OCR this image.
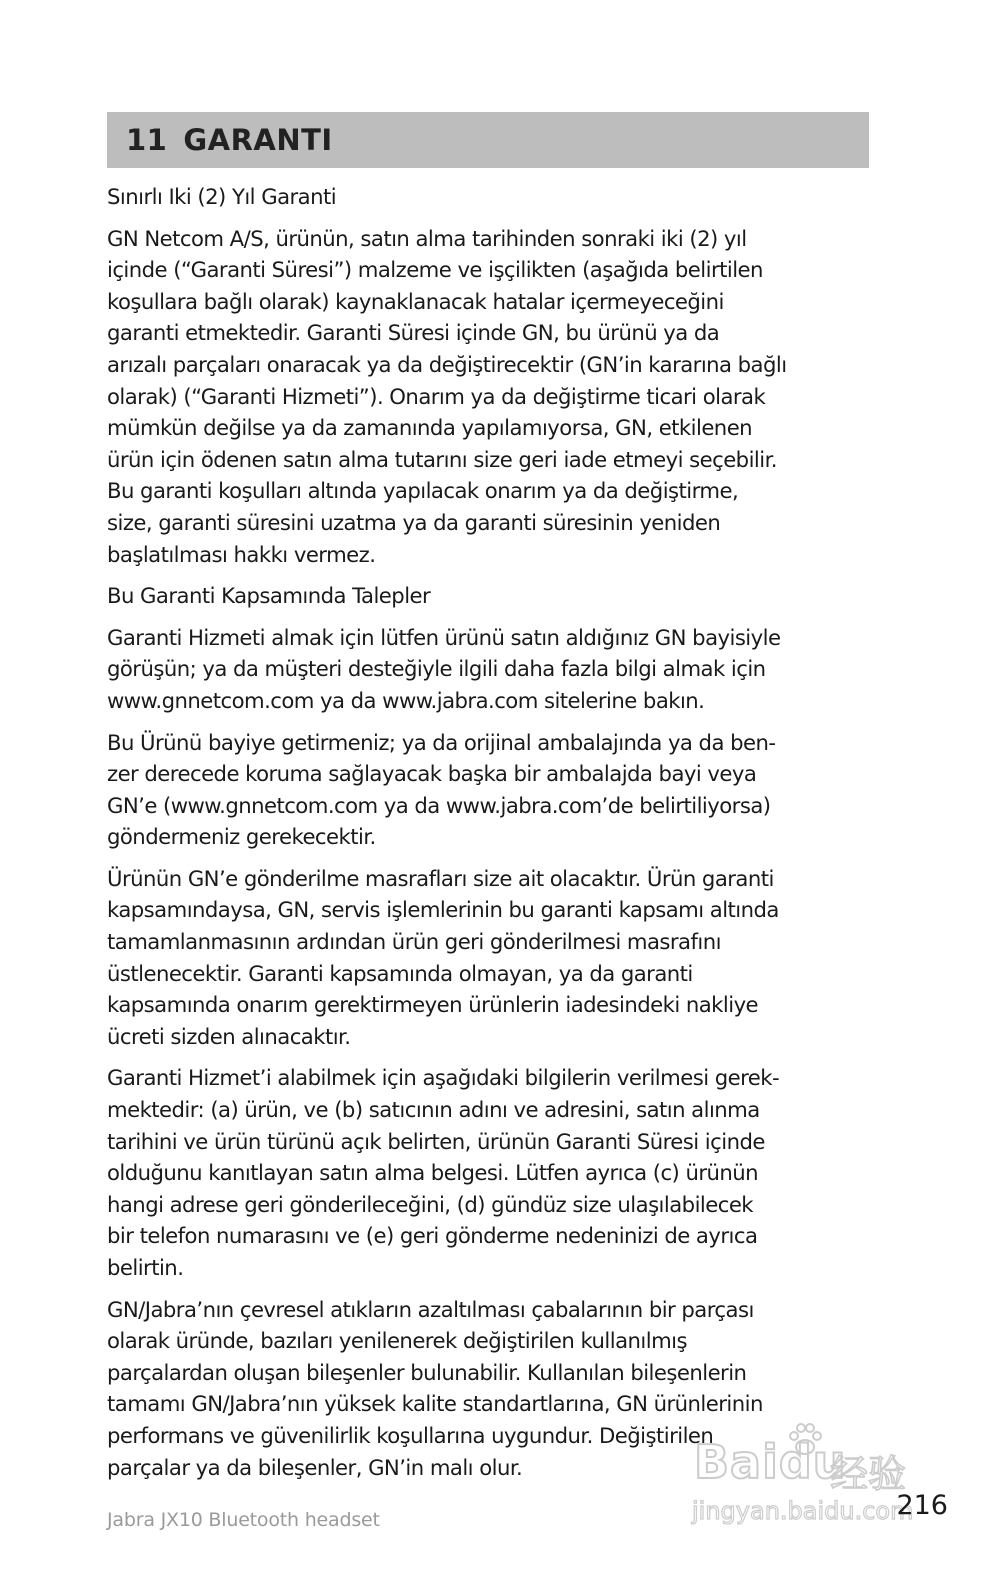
11 GARANTI

Sınırlı Iki (2) Yıl Garanti

GN Netcom A/S, ürünün, satın alma tarihinden sonraki iki (2) yıl
içinde (“Garanti Süresi”) malzeme ve işçilikten (aşağıda belirtilen
koşullara bağlı olarak) kaynaklanacak hatalar içermeyeceğini
garanti etmektedir. Garanti Süresi içinde GN, bu ürünü ya da
arızalı parçaları onaracak ya da değiştirecektir (GN’in kararına bağlı
olarak) (“Garanti Hizmeti”). Onarım ya da değiştirme ticari olarak
mümkün değilse ya da zamanında yapılamıyorsa, GN, etkilenen
ürün için ödenen satın alma tutarını size geri iade etmeyi seçebilir.
Bu garanti koşulları altında yapılacak onarım ya da değiştirme,
size, garanti süresini uzatma ya da garanti süresinin yeniden
başlatılması hakkı vermez.

Bu Garanti Kapsamında Talepler

Garanti Hizmeti almak için lütfen ürünü satın aldığınız GN bayisiyle
görüşün; ya da müşteri desteğiyle ilgili daha fazla bilgi almak için
www.gnnetcom.com ya da www.jabra.com sitelerine bakın.

Bu Ürünü bayiye getirmeniz; ya da orijinal ambalajında ya da ben-
zer derecede koruma sağlayacak başka bir ambalajda bayi veya
GN’e (www.gnnetcom.com ya da www.jabra.com’de belirtiliyorsa)
göndermeniz gerekecektir.

Ürünün GN’e gönderilme masrafları size ait olacaktır. Ürün garanti
kapsamındaysa, GN, servis işlemlerinin bu garanti kapsamı altında
tamamlanmasının ardından ürün geri gönderilmesi masrafını
üstlenecektir. Garanti kapsamında olmayan, ya da garanti
kapsamında onarım gerektirmeyen ürünlerin iadesindeki nakliye
ücreti sizden alınacaktır.

Garanti Hizmet’i alabilmek için aşağıdaki bilgilerin verilmesi gerek-
mektedir: (a) ürün, ve (b) satıcının adını ve adresini, satın alınma
tarihini ve ürün türünü açık belirten, ürünün Garanti Süresi içinde
olduğunu kanıtlayan satın alma belgesi. Lütfen ayrıca (c) ürünün
hangi adrese geri gönderileceğini, (d) gündüz size ulaşılabilecek
bir telefon numarasını ve (e) geri gönderme nedeninizi de ayrıca
belirtin.

GN/Jabra’nın çevresel atıkların azaltılması çabalarının bir parçası
olarak üründe, bazıları yenilenerek değiştirilen kullanılmış
parçalardan oluşan bileşenler bulunabilir. Kullanılan bileşenlerin
tamamı GN/Jabra’nın yüksek kalite standartlarına, GN ürünlerinin
performans ve güvenilirlik koşullarına uygundur. Değiştirilen
parçalar ya da bileşenler, GN’in malı olur.	Baidu
经验
jingyan.baidu.com
Jabra JX10 Bluetooth headset	216
